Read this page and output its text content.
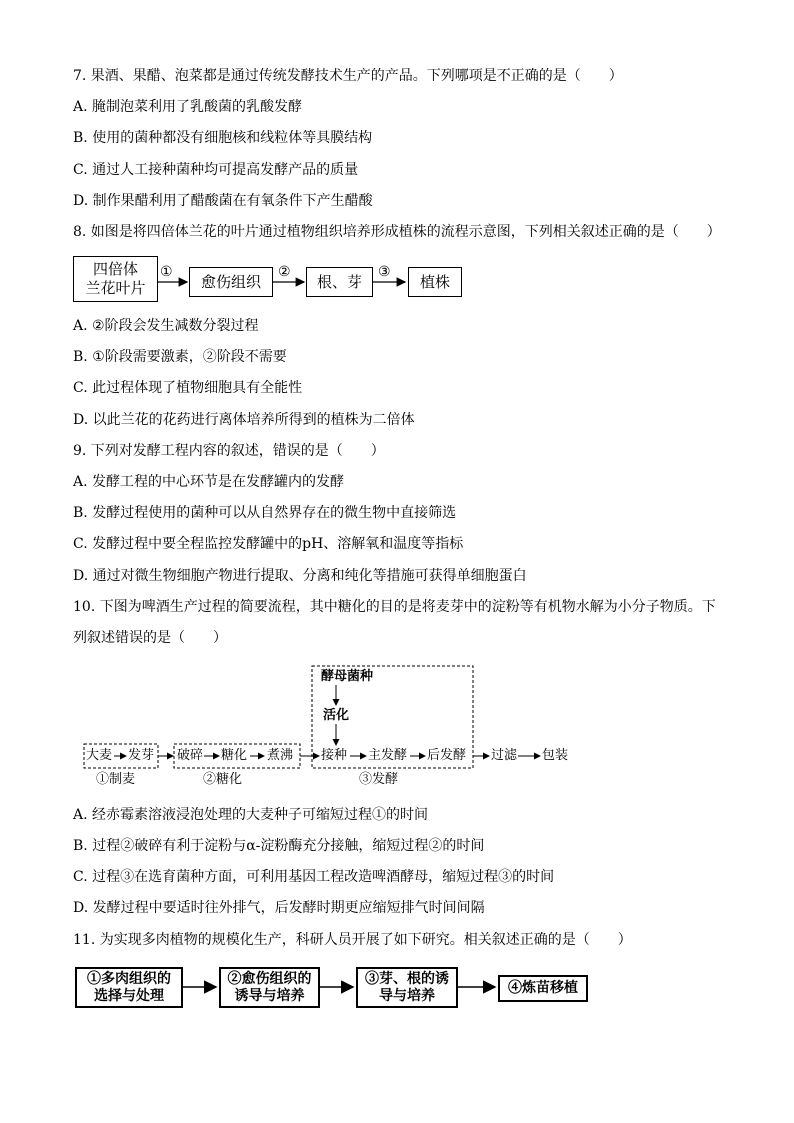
7. 果酒、果醋、泡菜都是通过传统发酵技术生产的产品。下列哪项是不正确的是（　　）
A. 腌制泡菜利用了乳酸菌的乳酸发酵
B. 使用的菌种都没有细胞核和线粒体等具膜结构
C. 通过人工接种菌种均可提高发酵产品的质量
D. 制作果醋利用了醋酸菌在有氧条件下产生醋酸
8. 如图是将四倍体兰花的叶片通过植物组织培养形成植株的流程示意图，下列相关叙述正确的是（　　）
四倍体
兰花叶片
①
愈伤组织
②
根、芽
③
植株
A. ②阶段会发生减数分裂过程
B. ①阶段需要激素，②阶段不需要
C. 此过程体现了植物细胞具有全能性
D. 以此兰花的花药进行离体培养所得到的植株为二倍体
9. 下列对发酵工程内容的叙述，错误的是（　　）
A. 发酵工程的中心环节是在发酵罐内的发酵
B. 发酵过程使用的菌种可以从自然界存在的微生物中直接筛选
C. 发酵过程中要全程监控发酵罐中的pH、溶解氧和温度等指标
D. 通过对微生物细胞产物进行提取、分离和纯化等措施可获得单细胞蛋白
10. 下图为啤酒生产过程的简要流程，其中糖化的目的是将麦芽中的淀粉等有机物水解为小分子物质。下
列叙述错误的是（　　）
酵母菌种
活化
大麦 发芽 破碎 糖化 煮沸 接种 主发酵 后发酵 过滤 包装
①制麦	②糖化	③发酵
A. 经赤霉素溶液浸泡处理的大麦种子可缩短过程①的时间
B. 过程②破碎有利于淀粉与α-淀粉酶充分接触，缩短过程②的时间
C. 过程③在选育菌种方面，可利用基因工程改造啤酒酵母，缩短过程③的时间
D. 发酵过程中要适时往外排气，后发酵时期更应缩短排气时间间隔
11. 为实现多肉植物的规模化生产，科研人员开展了如下研究。相关叙述正确的是（　　）
①多肉组织的
选择与处理
②愈伤组织的
诱导与培养
③芽、根的诱
导与培养	④炼苗移植
